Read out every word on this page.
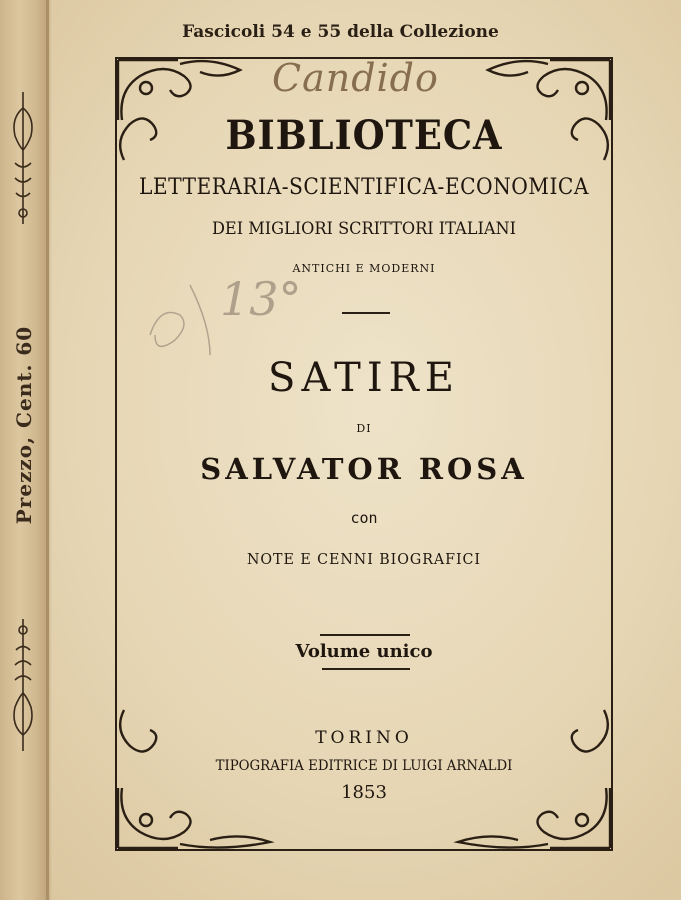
Prezzo, Cent. 60
Fascicoli 54 e 55 della Collezione
Candido
13°
BIBLIOTECA
LETTERARIA-SCIENTIFICA-ECONOMICA
DEI MIGLIORI SCRITTORI ITALIANI
ANTICHI E MODERNI
SATIRE
DI
SALVATOR ROSA
con
NOTE E CENNI BIOGRAFICI
Volume unico
TORINO
TIPOGRAFIA EDITRICE DI LUIGI ARNALDI
1853
